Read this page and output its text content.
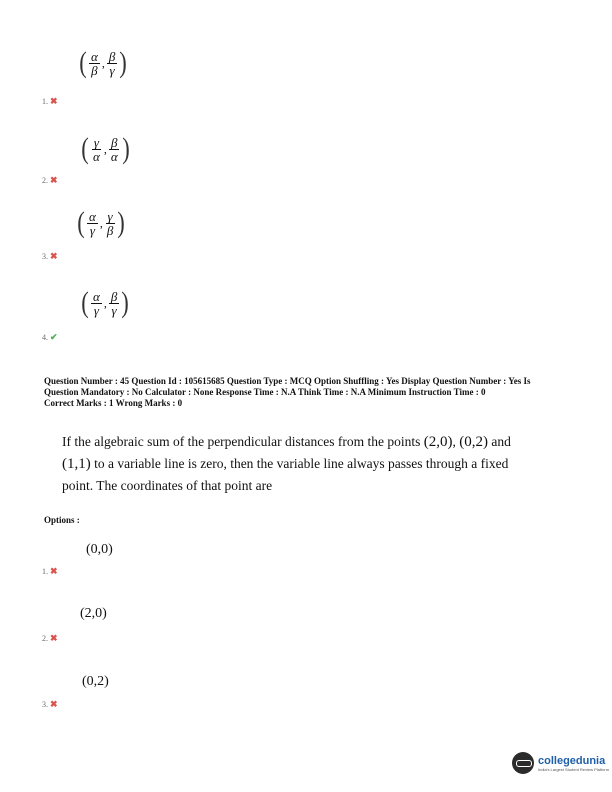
( $\frac{\alpha}{\beta}$ , $\frac{\beta}{\gamma}$ )
1. ✖
( $\frac{\gamma}{\alpha}$ , $\frac{\beta}{\alpha}$ )
2. ✖
( $\frac{\alpha}{\gamma}$ , $\frac{\gamma}{\beta}$ )
3. ✖
( $\frac{\alpha}{\gamma}$ , $\frac{\beta}{\gamma}$ )
4. ✔
Question Number : 45 Question Id : 105615685 Question Type : MCQ Option Shuffling : Yes Display Question Number : Yes Is
Question Mandatory : No Calculator : None Response Time : N.A Think Time : N.A Minimum Instruction Time : 0
Correct Marks : 1 Wrong Marks : 0
If the algebraic sum of the perpendicular distances from the points (2,0), (0,2) and (1,1) to a variable line is zero, then the variable line always passes through a fixed point. The coordinates of that point are
Options :
(0,0)
1. ✖
(2,0)
2. ✖
(0,2)
3. ✖
collegedunia
India's Largest Student Review Platform
